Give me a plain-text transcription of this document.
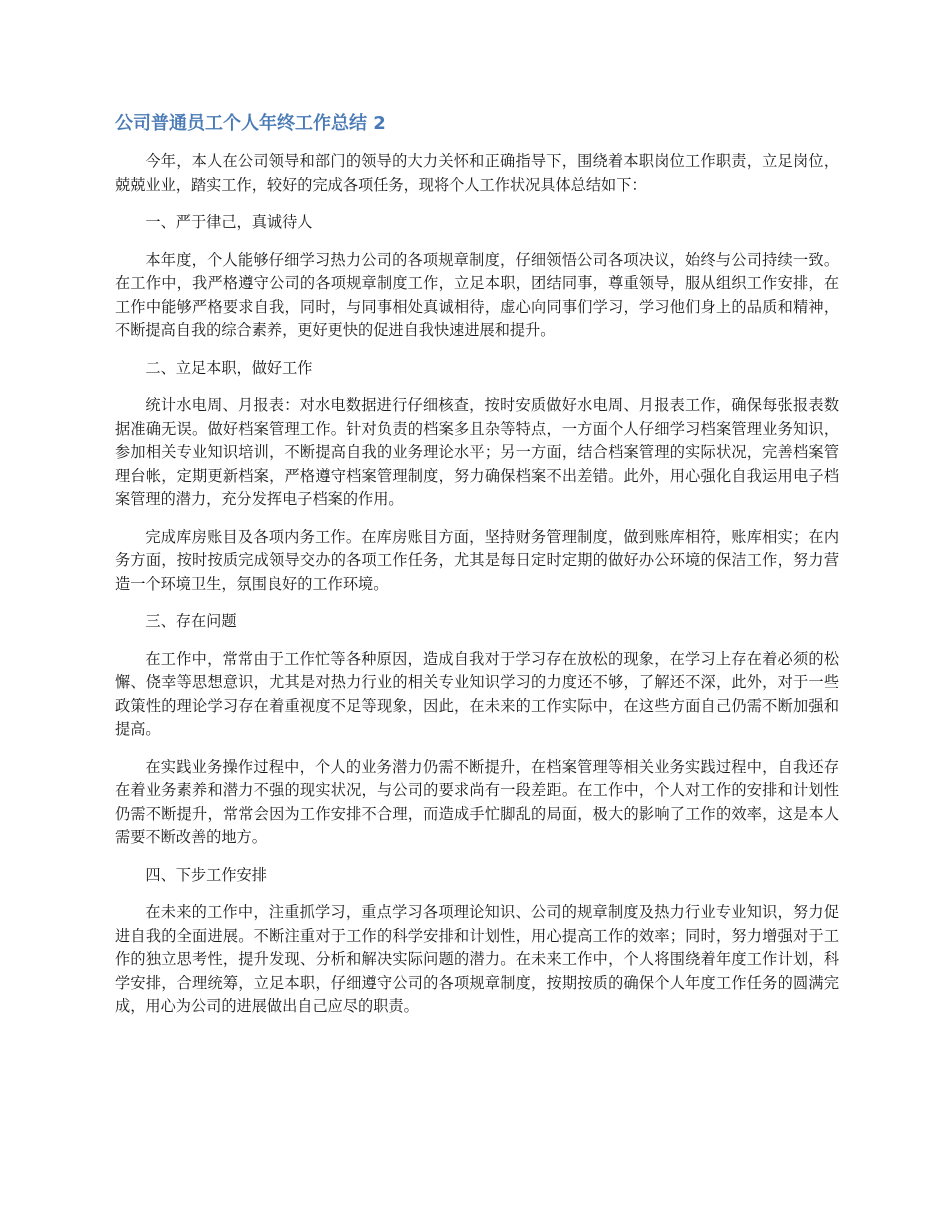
公司普通员工个人年终工作总结 2

今年，本人在公司领导和部门的领导的大力关怀和正确指导下，围绕着本职岗位工作职责，立足岗位，兢兢业业，踏实工作，较好的完成各项任务，现将个人工作状况具体总结如下：

一、严于律己，真诚待人

本年度，个人能够仔细学习热力公司的各项规章制度，仔细领悟公司各项决议，始终与公司持续一致。在工作中，我严格遵守公司的各项规章制度工作，立足本职，团结同事，尊重领导，服从组织工作安排，在工作中能够严格要求自我，同时，与同事相处真诚相待，虚心向同事们学习，学习他们身上的品质和精神，不断提高自我的综合素养，更好更快的促进自我快速进展和提升。

二、立足本职，做好工作

统计水电周、月报表：对水电数据进行仔细核查，按时安质做好水电周、月报表工作，确保每张报表数据准确无误。做好档案管理工作。针对负责的档案多且杂等特点，一方面个人仔细学习档案管理业务知识，参加相关专业知识培训，不断提高自我的业务理论水平；另一方面，结合档案管理的实际状况，完善档案管理台帐，定期更新档案，严格遵守档案管理制度，努力确保档案不出差错。此外，用心强化自我运用电子档案管理的潜力，充分发挥电子档案的作用。

完成库房账目及各项内务工作。在库房账目方面，坚持财务管理制度，做到账库相符，账库相实；在内务方面，按时按质完成领导交办的各项工作任务，尤其是每日定时定期的做好办公环境的保洁工作，努力营造一个环境卫生，氛围良好的工作环境。

三、存在问题

在工作中，常常由于工作忙等各种原因，造成自我对于学习存在放松的现象，在学习上存在着必须的松懈、侥幸等思想意识，尤其是对热力行业的相关专业知识学习的力度还不够，了解还不深，此外，对于一些政策性的理论学习存在着重视度不足等现象，因此，在未来的工作实际中，在这些方面自己仍需不断加强和提高。

在实践业务操作过程中，个人的业务潜力仍需不断提升，在档案管理等相关业务实践过程中，自我还存在着业务素养和潜力不强的现实状况，与公司的要求尚有一段差距。在工作中，个人对工作的安排和计划性仍需不断提升，常常会因为工作安排不合理，而造成手忙脚乱的局面，极大的影响了工作的效率，这是本人需要不断改善的地方。

四、下步工作安排

在未来的工作中，注重抓学习，重点学习各项理论知识、公司的规章制度及热力行业专业知识，努力促进自我的全面进展。不断注重对于工作的科学安排和计划性，用心提高工作的效率；同时，努力增强对于工作的独立思考性，提升发现、分析和解决实际问题的潜力。在未来工作中，个人将围绕着年度工作计划，科学安排，合理统筹，立足本职，仔细遵守公司的各项规章制度，按期按质的确保个人年度工作任务的圆满完成，用心为公司的进展做出自己应尽的职责。
